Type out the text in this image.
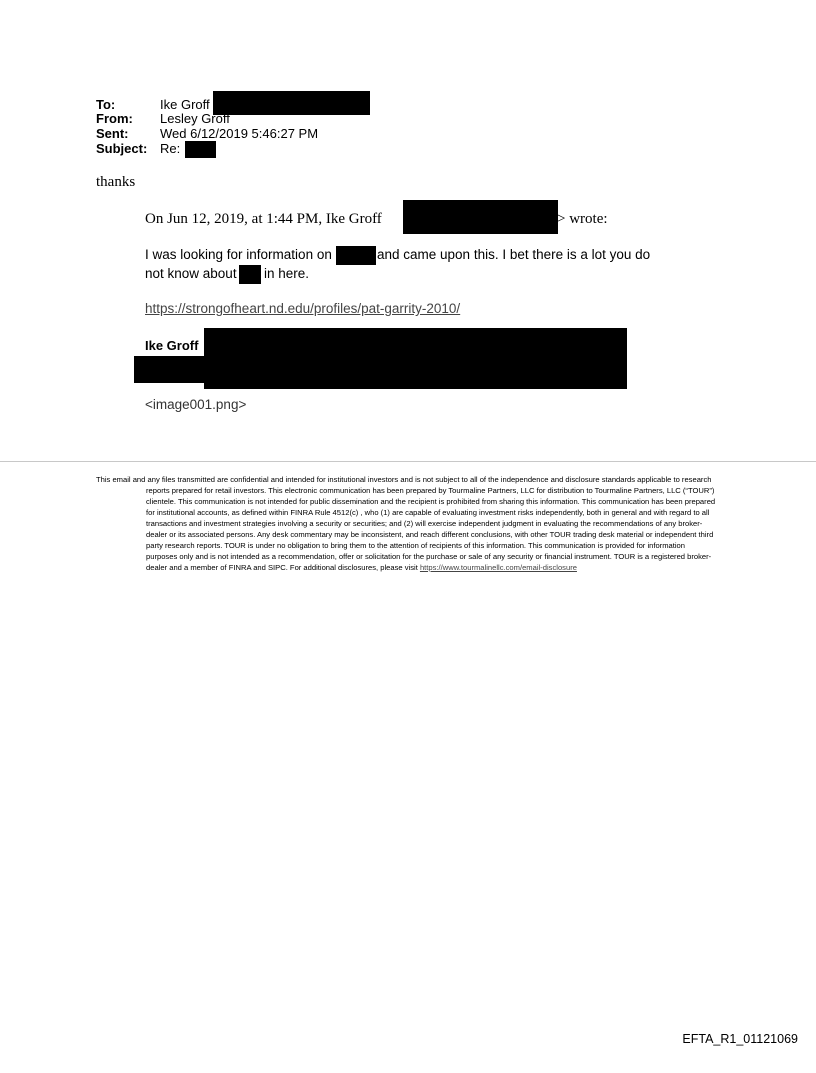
To:	Ike Groff
From: Lesley Groff
Sent: Wed 6/12/2019 5:46:27 PM
Subject: Re:
thanks
On Jun 12, 2019, at 1:44 PM, Ike Groff	> wrote:
I was looking for information on	and came upon this. I bet there is a lot you do
not know about in here.
https://strongofheart.nd.edu/profiles/pat-garrity-2010/
Ike Groff
<image001.png>
This email and any files transmitted are confidential and intended for institutional investors and is not subject to all of the independence and disclosure standards applicable to research reports prepared for retail investors. This electronic communication has been prepared by Tourmaline Partners, LLC for distribution to Tourmaline Partners, LLC (“TOUR”) clientele. This communication is not intended for public dissemination and the recipient is prohibited from sharing this information. This communication has been prepared for institutional accounts, as defined within FINRA Rule 4512(c) , who (1) are capable of evaluating investment risks independently, both in general and with regard to all transactions and investment strategies involving a security or securities; and (2) will exercise independent judgment in evaluating the recommendations of any broker-dealer or its associated persons. Any desk commentary may be inconsistent, and reach different conclusions, with other TOUR trading desk material or independent third party research reports. TOUR is under no obligation to bring them to the attention of recipients of this information. This communication is provided for information purposes only and is not intended as a recommendation, offer or solicitation for the purchase or sale of any security or financial instrument. TOUR is a registered broker-dealer and a member of FINRA and SIPC. For additional disclosures, please visit https://www.tourmalinellc.com/email-disclosure
EFTA_R1_01121069
